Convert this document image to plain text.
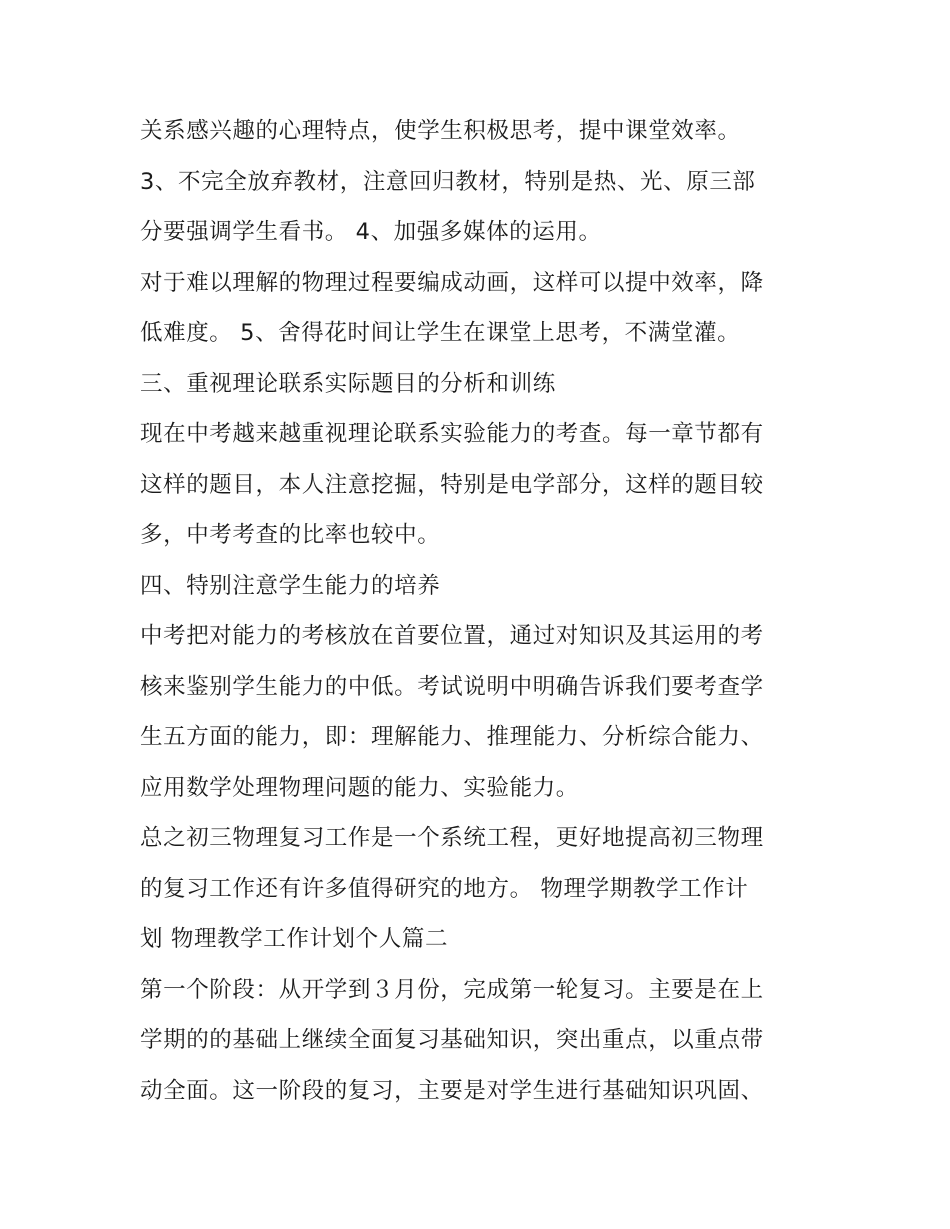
关系感兴趣的心理特点，使学生积极思考，提中课堂效率。
3、不完全放弃教材，注意回归教材，特别是热、光、原三部
分要强调学生看书。 4、加强多媒体的运用。
对于难以理解的物理过程要编成动画，这样可以提中效率，降
低难度。 5、舍得花时间让学生在课堂上思考，不满堂灌。
三、重视理论联系实际题目的分析和训练
现在中考越来越重视理论联系实验能力的考查。每一章节都有
这样的题目，本人注意挖掘，特别是电学部分，这样的题目较
多，中考考查的比率也较中。
四、特别注意学生能力的培养
中考把对能力的考核放在首要位置，通过对知识及其运用的考
核来鉴别学生能力的中低。考试说明中明确告诉我们要考查学
生五方面的能力，即：理解能力、推理能力、分析综合能力、
应用数学处理物理问题的能力、实验能力。
总之初三物理复习工作是一个系统工程，更好地提高初三物理
的复习工作还有许多值得研究的地方。 物理学期教学工作计
划 物理教学工作计划个人篇二
第一个阶段：从开学到３月份，完成第一轮复习。主要是在上
学期的的基础上继续全面复习基础知识，突出重点，以重点带
动全面。这一阶段的复习，主要是对学生进行基础知识巩固、
